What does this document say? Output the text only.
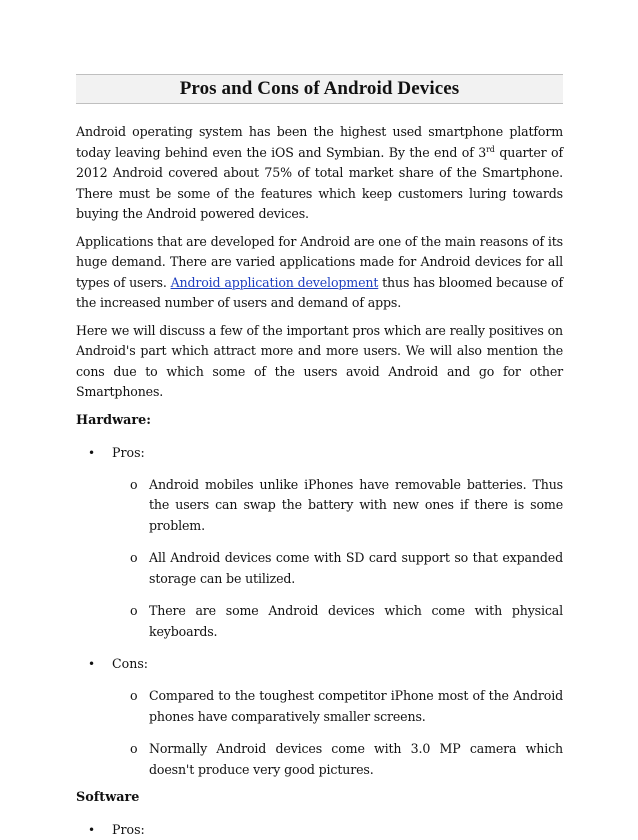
Pros and Cons of Android Devices

Android operating system has been the highest used smartphone platform today leaving behind even the iOS and Symbian. By the end of 3rd quarter of 2012 Android covered about 75% of total market share of the Smartphone. There must be some of the features which keep customers luring towards buying the Android powered devices.

Applications that are developed for Android are one of the main reasons of its huge demand. There are varied applications made for Android devices for all types of users. Android application development thus has bloomed because of the increased number of users and demand of apps.

Here we will discuss a few of the important pros which are really positives on Android's part which attract more and more users. We will also mention the cons due to which some of the users avoid Android and go for other Smartphones.

Hardware:
• Pros:
o Android mobiles unlike iPhones have removable batteries. Thus the users can swap the battery with new ones if there is some problem.
o All Android devices come with SD card support so that expanded storage can be utilized.
o There are some Android devices which come with physical keyboards.
• Cons:
o Compared to the toughest competitor iPhone most of the Android phones have comparatively smaller screens.
o Normally Android devices come with 3.0 MP camera which doesn't produce very good pictures.
Software
• Pros:
